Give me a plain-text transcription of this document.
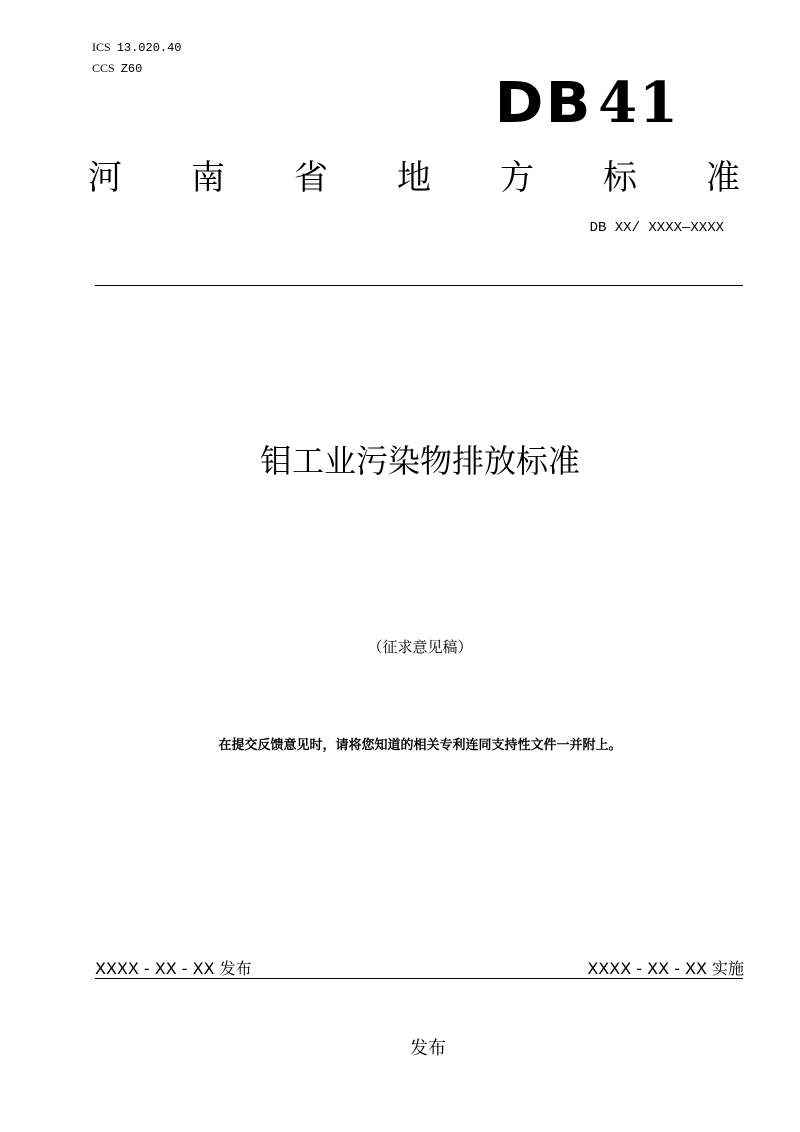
ICS 13.020.40
CCS Z60
DB 41
河 南 省 地 方 标 准
DB XX/ XXXX—XXXX
钼工业污染物排放标准
（征求意见稿）
在提交反馈意见时，请将您知道的相关专利连同支持性文件一并附上。
XXXX - XX - XX 发布	XXXX - XX - XX 实施
发布
